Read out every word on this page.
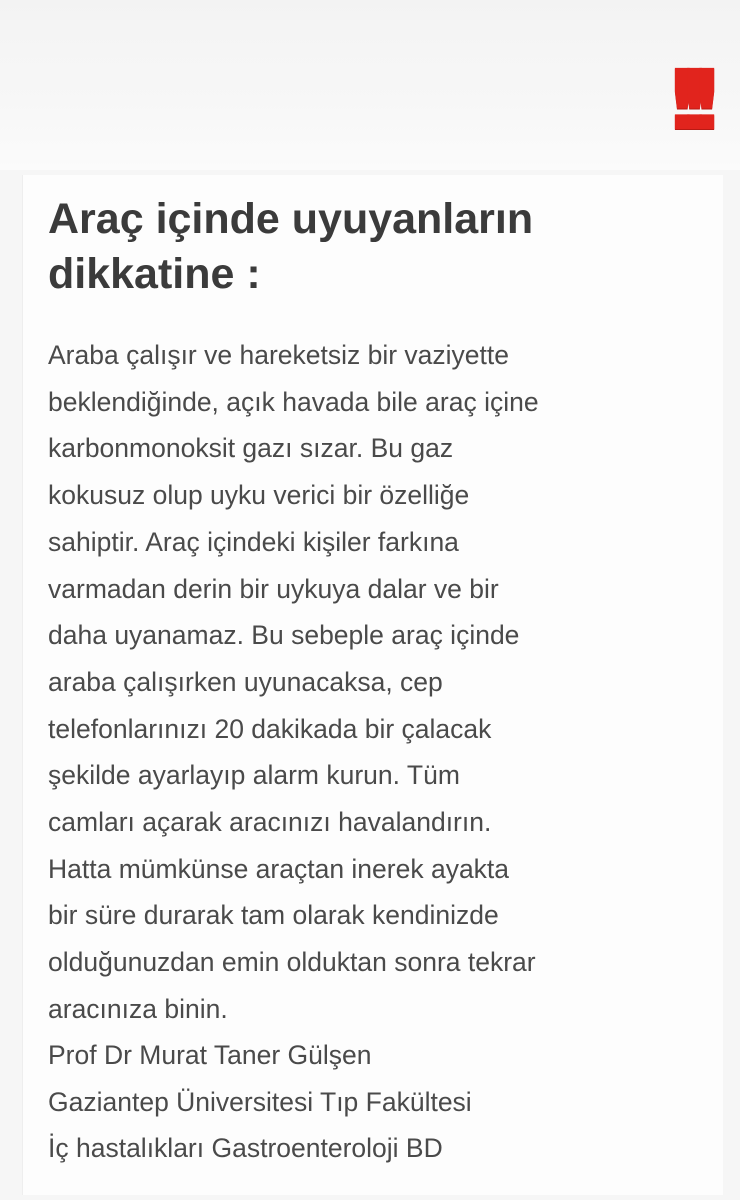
!!!
Araç içinde uyuyanların
dikkatine :
Araba çalışır ve hareketsiz bir vaziyette
beklendiğinde, açık havada bile araç içine
karbonmonoksit gazı sızar. Bu gaz
kokusuz olup uyku verici bir özelliğe
sahiptir. Araç içindeki kişiler farkına
varmadan derin bir uykuya dalar ve bir
daha uyanamaz. Bu sebeple araç içinde
araba çalışırken uyunacaksa, cep
telefonlarınızı 20 dakikada bir çalacak
şekilde ayarlayıp alarm kurun. Tüm
camları açarak aracınızı havalandırın.
Hatta mümkünse araçtan inerek ayakta
bir süre durarak tam olarak kendinizde
olduğunuzdan emin olduktan sonra tekrar
aracınıza binin.
Prof Dr Murat Taner Gülşen
Gaziantep Üniversitesi Tıp Fakültesi
İç hastalıkları Gastroenteroloji BD
